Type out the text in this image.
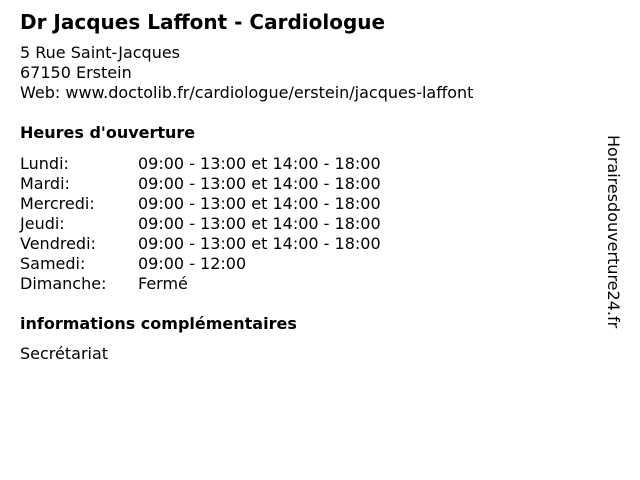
Dr Jacques Laffont - Cardiologue
5 Rue Saint-Jacques
67150 Erstein
Web: www.doctolib.fr/cardiologue/erstein/jacques-laffont
Heures d'ouverture
Lundi:	09:00 - 13:00 et 14:00 - 18:00
Mardi:	09:00 - 13:00 et 14:00 - 18:00
Mercredi:	09:00 - 13:00 et 14:00 - 18:00
Jeudi:	09:00 - 13:00 et 14:00 - 18:00
Vendredi:	09:00 - 13:00 et 14:00 - 18:00
Samedi:	09:00 - 12:00
Dimanche:	Fermé
informations complémentaires
Secrétariat
Horairesdouverture24.fr
